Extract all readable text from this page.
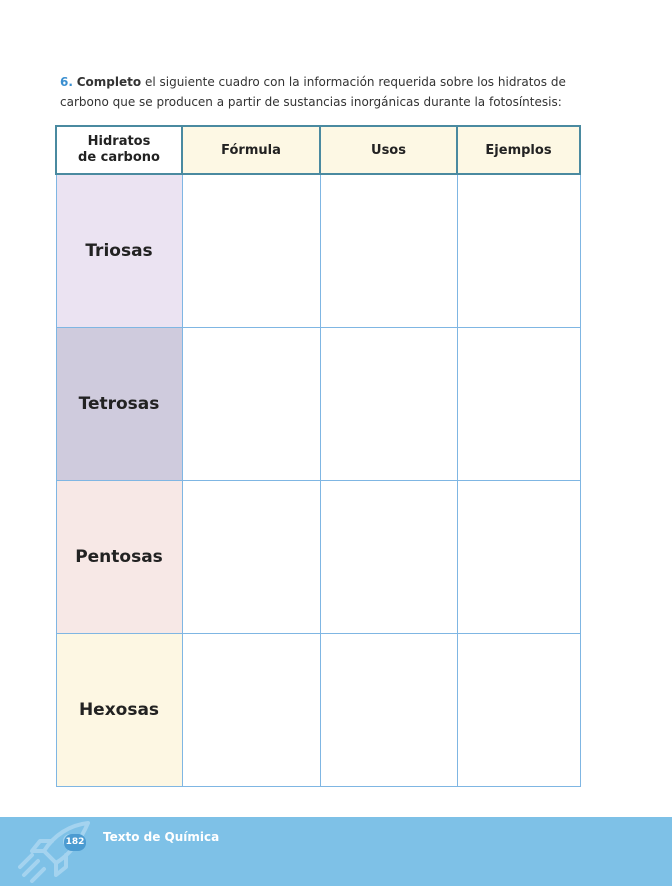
6. Completo el siguiente cuadro con la información requerida sobre los hidratos de carbono que se producen a partir de sustancias inorgánicas durante la fotosíntesis:

Hidratos
de carbono	Fórmula	Usos	Ejemplos
Triosas			
Tetrosas			
Pentosas			
Hexosas			
182 Texto de Química
